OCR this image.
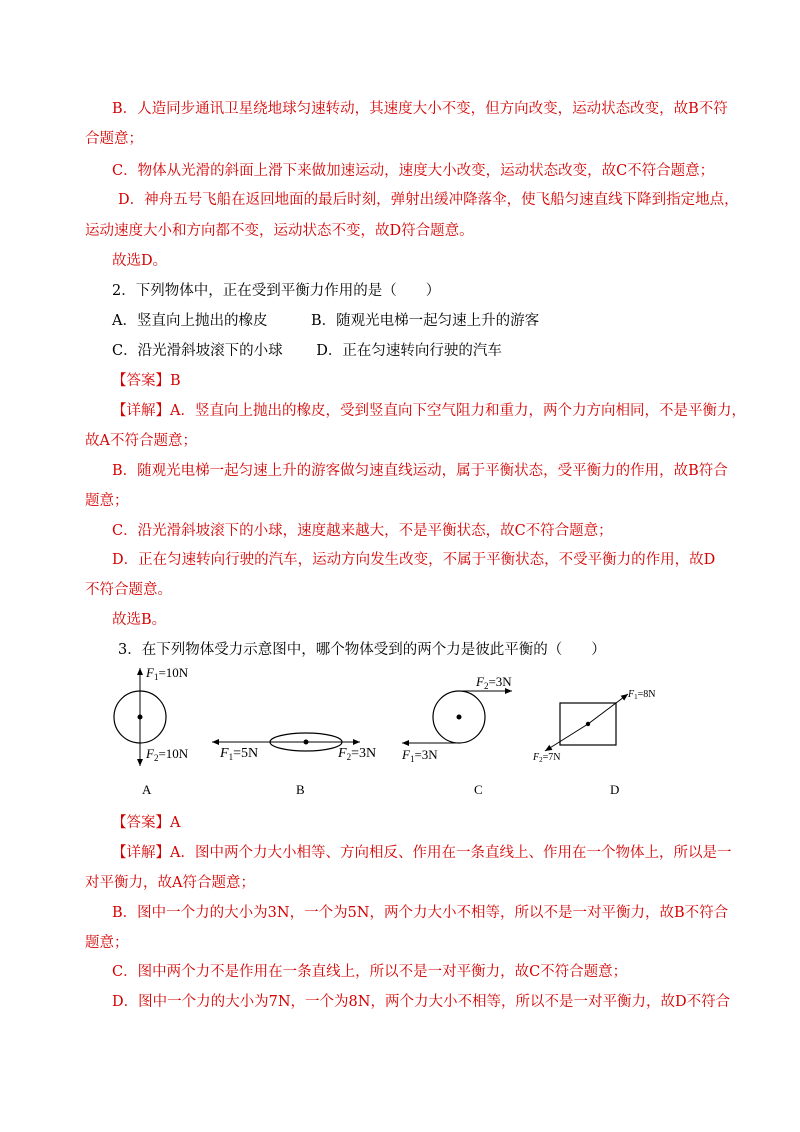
B．人造同步通讯卫星绕地球匀速转动，其速度大小不变，但方向改变，运动状态改变，故B不符
合题意；
C．物体从光滑的斜面上滑下来做加速运动，速度大小改变，运动状态改变，故C不符合题意；
D．神舟五号飞船在返回地面的最后时刻，弹射出缓冲降落伞，使飞船匀速直线下降到指定地点，
运动速度大小和方向都不变，运动状态不变，故D符合题意。
故选D。
2．下列物体中，正在受到平衡力作用的是（　　）
A．竖直向上抛出的橡皮　　　B．随观光电梯一起匀速上升的游客
C．沿光滑斜坡滚下的小球　　 D．正在匀速转向行驶的汽车
【答案】B
【详解】A．竖直向上抛出的橡皮，受到竖直向下空气阻力和重力，两个力方向相同，不是平衡力，
故A不符合题意；
B．随观光电梯一起匀速上升的游客做匀速直线运动，属于平衡状态，受平衡力的作用，故B符合
题意；
C．沿光滑斜坡滚下的小球，速度越来越大，不是平衡状态，故C不符合题意；
D．正在匀速转向行驶的汽车，运动方向发生改变，不属于平衡状态，不受平衡力的作用，故D
不符合题意。
故选B。
3．在下列物体受力示意图中，哪个物体受到的两个力是彼此平衡的（　　）
【答案】A
【详解】A．图中两个力大小相等、方向相反、作用在一条直线上、作用在一个物体上，所以是一
对平衡力，故A符合题意；
B．图中一个力的大小为3N，一个为5N，两个力大小不相等，所以不是一对平衡力，故B不符合
题意；
C．图中两个力不是作用在一条直线上，所以不是一对平衡力，故C不符合题意；
D．图中一个力的大小为7N，一个为8N，两个力大小不相等，所以不是一对平衡力，故D不符合
$F_1=10N$
$F_2=10N$
A
$F_1=5N$	$F_2=3N$
B
$F_2=3N$
$F_1=3N$
C
$F_1=8N$
$F_2=7N$
D
